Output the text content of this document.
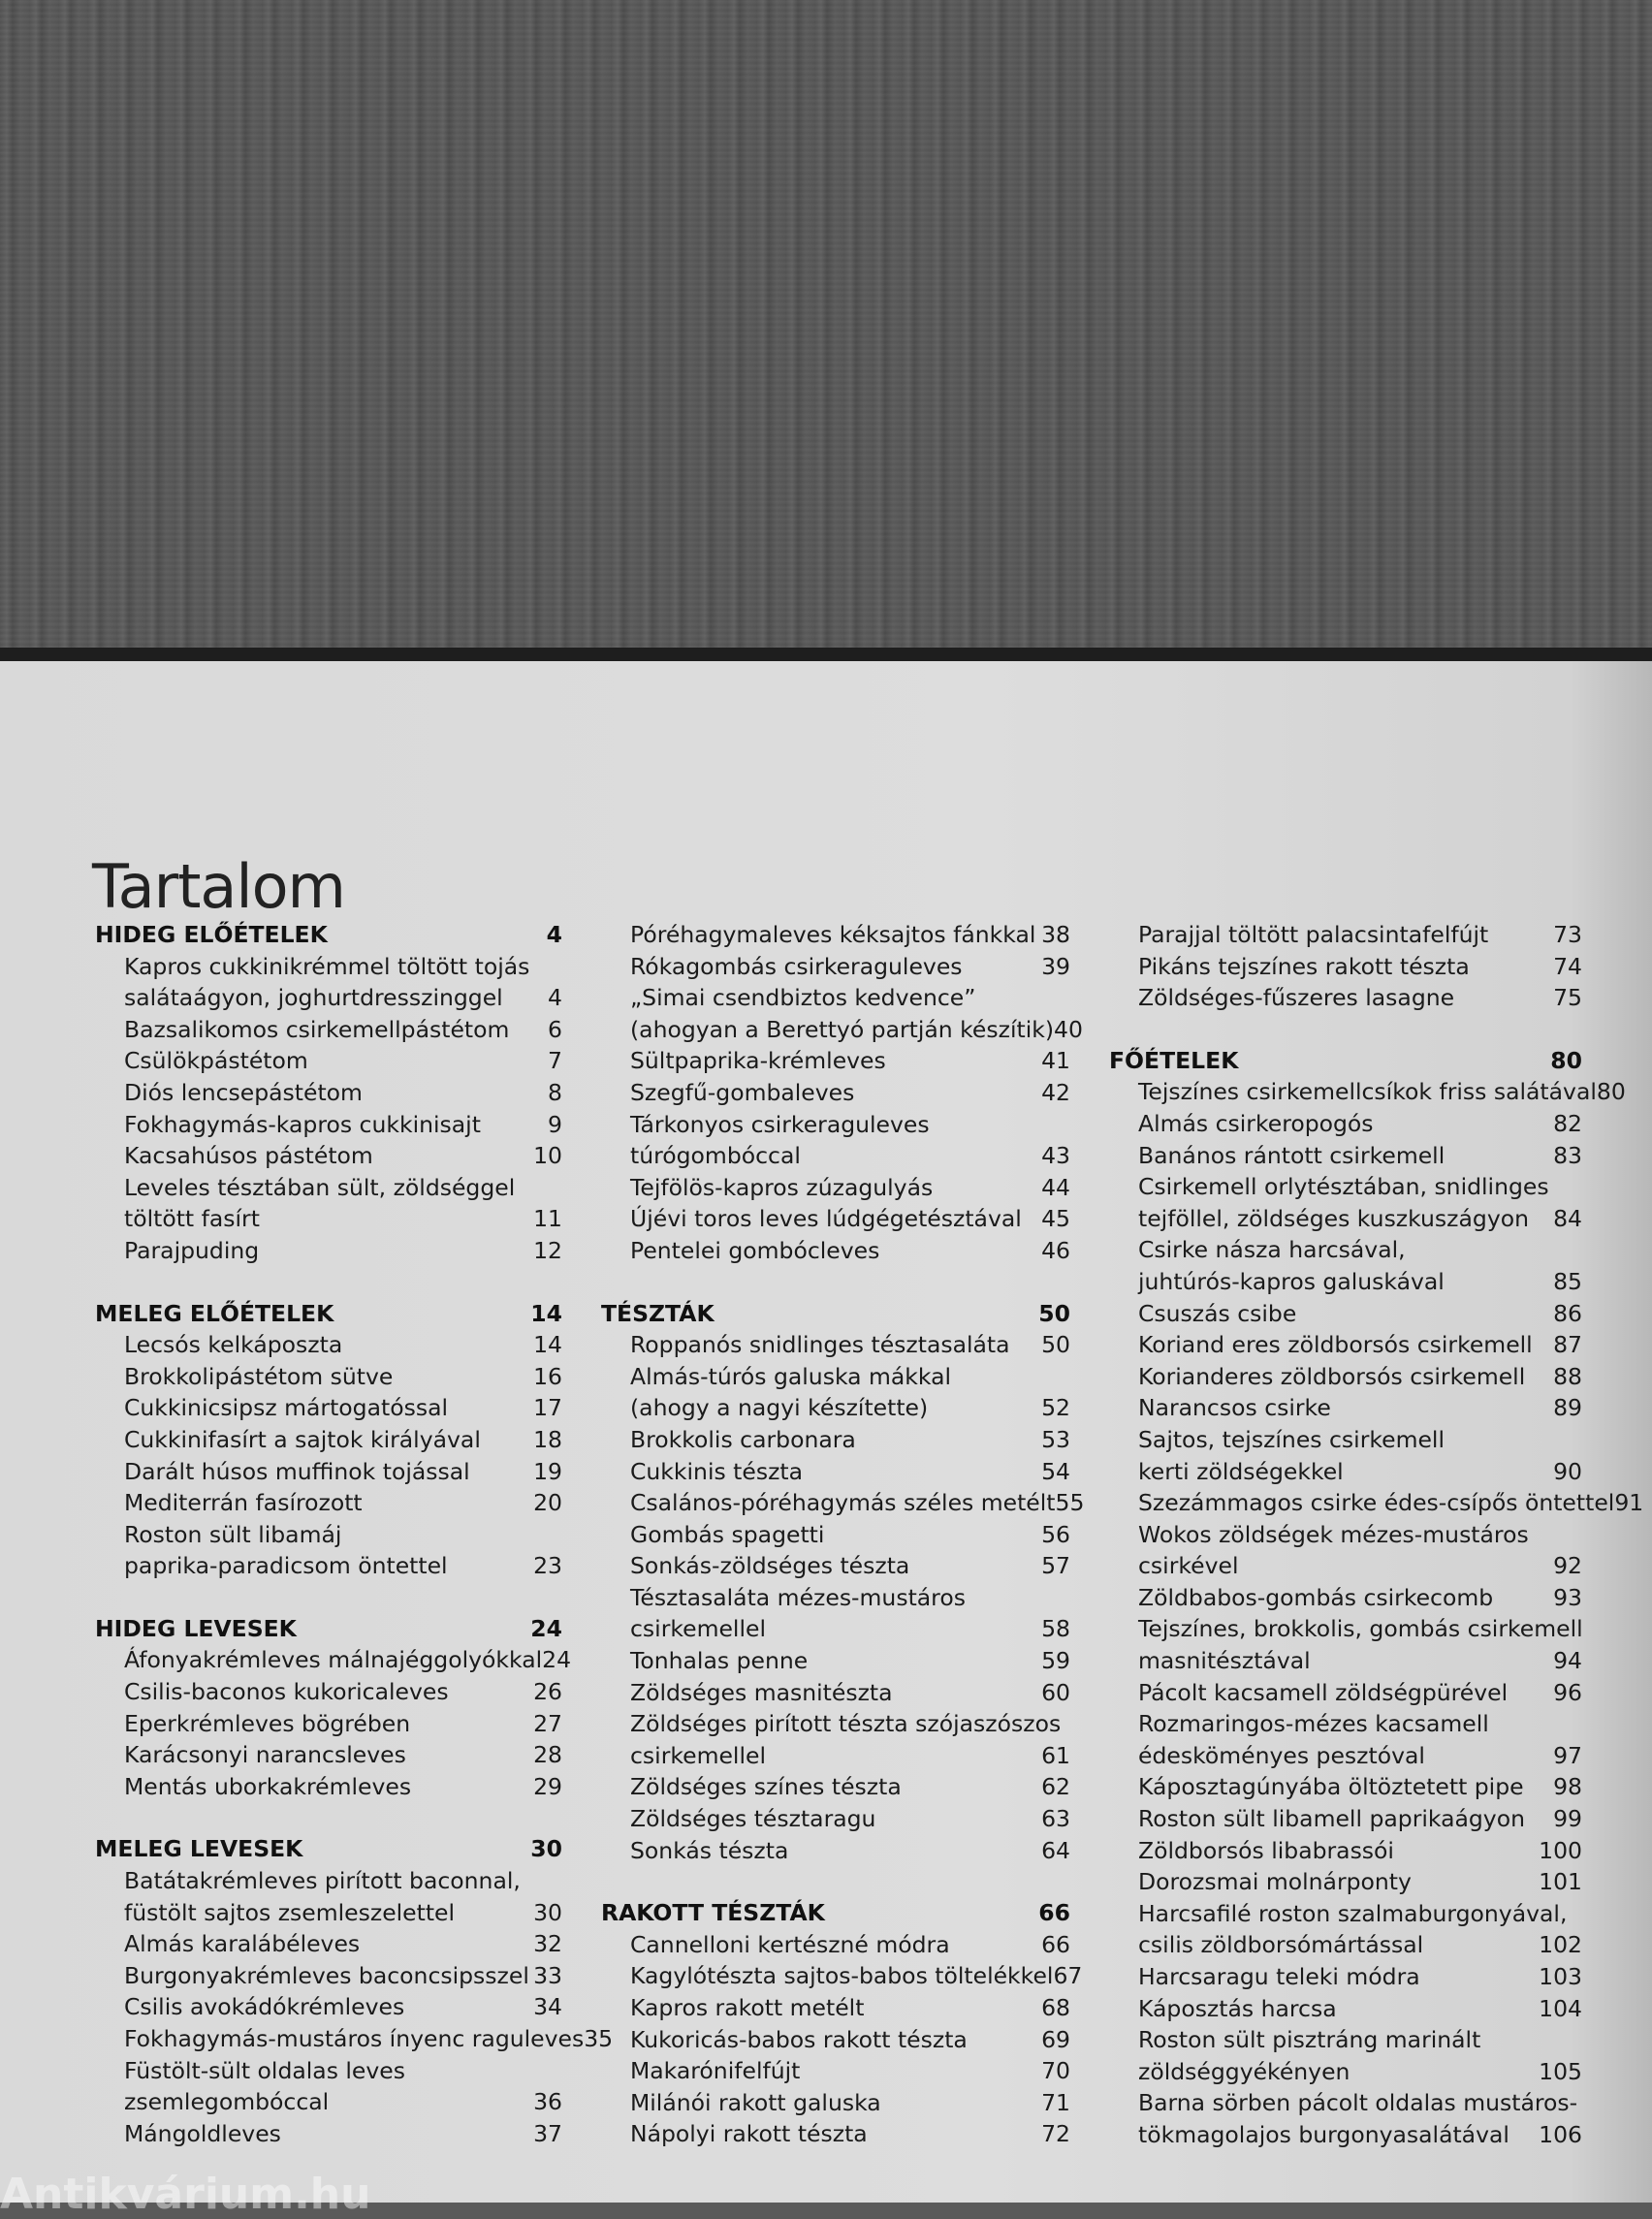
Tartalom
HIDEG ELŐÉTELEK	4
Kapros cukkinikrémmel töltött tojás
salátaágyon, joghurtdresszinggel 4
Bazsalikomos csirkemellpástétom 6
Csülökpástétom	7
Diós lencsepástétom	8
Fokhagymás-kapros cukkinisajt	9
Kacsahúsos pástétom	10
Leveles tésztában sült, zöldséggel
töltött fasírt	11
Parajpuding	12
MELEG ELŐÉTELEK	14
Lecsós kelkáposzta	14
Brokkolipástétom sütve	16
Cukkinicsipsz mártogatóssal	17
Cukkinifasírt a sajtok királyával 18
Darált húsos muffinok tojással	19
Mediterrán fasírozott	20
Roston sült libamáj
paprika-paradicsom öntettel	23
HIDEG LEVESEK	24
Áfonyakrémleves málnajéggolyókkal 24
Csilis-baconos kukoricaleves	26
Eperkrémleves bögrében	27
Karácsonyi narancsleves	28
Mentás uborkakrémleves	29
MELEG LEVESEK	30
Batátakrémleves pirított baconnal,
füstölt sajtos zsemleszelettel	30
Almás karalábéleves	32
Burgonyakrémleves baconcsipsszel 33
Csilis avokádókrémleves	34
Fokhagymás-mustáros ínyenc raguleves 35
Füstölt-sült oldalas leves
zsemlegombóccal	36
Mángoldleves	37
Póréhagymaleves kéksajtos fánkkal 38
Rókagombás csirkeraguleves	39
„Simai csendbiztos kedvence”
(ahogyan a Berettyó partján készítik) 40
Sültpaprika-krémleves	41
Szegfű-gombaleves	42
Tárkonyos csirkeraguleves
túrógombóccal	43
Tejfölös-kapros zúzagulyás	44
Újévi toros leves lúdgégetésztával 45
Pentelei gombócleves	46
TÉSZTÁK	50
Roppanós snidlinges tésztasaláta 50
Almás-túrós galuska mákkal
(ahogy a nagyi készítette)	52
Brokkolis carbonara	53
Cukkinis tészta	54
Csalános-póréhagymás széles metélt 55
Gombás spagetti	56
Sonkás-zöldséges tészta	57
Tésztasaláta mézes-mustáros
csirkemellel	58
Tonhalas penne	59
Zöldséges masnitészta	60
Zöldséges pirított tészta szójaszószos
csirkemellel	61
Zöldséges színes tészta	62
Zöldséges tésztaragu	63
Sonkás tészta	64
RAKOTT TÉSZTÁK	66
Cannelloni kertészné módra	66
Kagylótészta sajtos-babos töltelékkel 67
Kapros rakott metélt	68
Kukoricás-babos rakott tészta	69
Makarónifelfújt	70
Milánói rakott galuska	71
Nápolyi rakott tészta	72
Parajjal töltött palacsintafelfújt	73
Pikáns tejszínes rakott tészta	74
Zöldséges-fűszeres lasagne	75
FŐÉTELEK	80
Tejszínes csirkemellcsíkok friss salátával 80
Almás csirkeropogós	82
Banános rántott csirkemell	83
Csirkemell orlytésztában, snidlinges
tejföllel, zöldséges kuszkuszágyon 84
Csirke násza harcsával,
juhtúrós-kapros galuskával	85
Csuszás csibe	86
Koriand eres zöldborsós csirkemell 87
Korianderes zöldborsós csirkemell 88
Narancsos csirke	89
Sajtos, tejszínes csirkemell
kerti zöldségekkel	90
Szezámmagos csirke édes-csípős öntettel 91
Wokos zöldségek mézes-mustáros
csirkével	92
Zöldbabos-gombás csirkecomb	93
Tejszínes, brokkolis, gombás csirkemell
masnitésztával	94
Pácolt kacsamell zöldségpürével 96
Rozmaringos-mézes kacsamell
édesköményes pesztóval	97
Káposztagúnyába öltöztetett pipe 98
Roston sült libamell paprikaágyon 99
Zöldborsós libabrassói	100
Dorozsmai molnárponty	101
Harcsafilé roston szalmaburgonyával,
csilis zöldborsómártással	102
Harcsaragu teleki módra	103
Káposztás harcsa	104
Roston sült pisztráng marinált
zöldséggyékényen	105
Barna sörben pácolt oldalas mustáros-
tökmagolajos burgonyasalátával 106
Antikvárium.hu
